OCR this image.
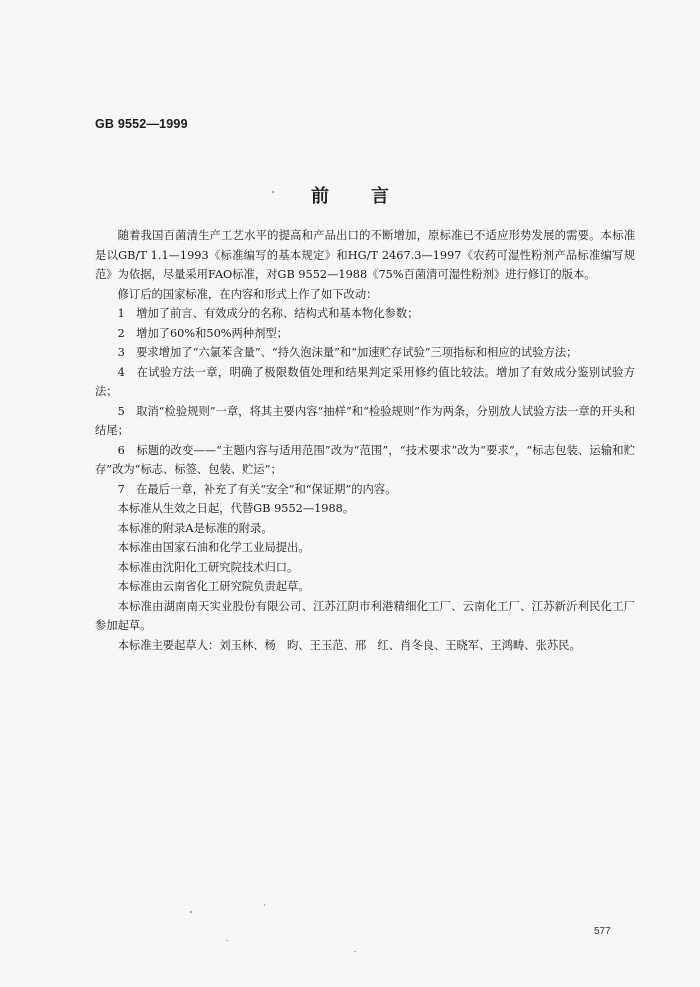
GB 9552—1999
前言

随着我国百菌清生产工艺水平的提高和产品出口的不断增加，原标准已不适应形势发展的需要。本标准是以GB/T 1.1—1993《标准编写的基本规定》和HG/T 2467.3—1997《农药可湿性粉剂产品标准编写规范》为依据，尽量采用FAO标准，对GB 9552—1988《75%百菌清可湿性粉剂》进行修订的版本。

修订后的国家标准，在内容和形式上作了如下改动：

1　增加了前言、有效成分的名称、结构式和基本物化参数；

2　增加了60%和50%两种剂型；

3　要求增加了“六氯苯含量”、“持久泡沫量”和“加速贮存试验”三项指标和相应的试验方法；

4　在试验方法一章，明确了极限数值处理和结果判定采用修约值比较法。增加了有效成分鉴别试验方法；

5　取消“检验规则”一章，将其主要内容“抽样”和“检验规则”作为两条，分别放人试验方法一章的开头和结尾；

6　标题的改变——“主题内容与适用范围”改为“范围”，“技术要求”改为“要求”，“标志包装、运输和贮存”改为“标志、标签、包装、贮运”；

7　在最后一章，补充了有关“安全”和“保证期”的内容。

本标准从生效之日起，代替GB 9552—1988。

本标准的附录A是标准的附录。

本标准由国家石油和化学工业局提出。

本标准由沈阳化工研究院技术归口。

本标准由云南省化工研究院负责起草。

本标准由湖南南天实业股份有限公司、江苏江阴市利港精细化工厂、云南化工厂、江苏新沂利民化工厂参加起草。

本标准主要起草人：刘玉林、杨　昀、王玉范、邢　红、肖冬良、王晓军、王鸿畴、张苏民。

577
